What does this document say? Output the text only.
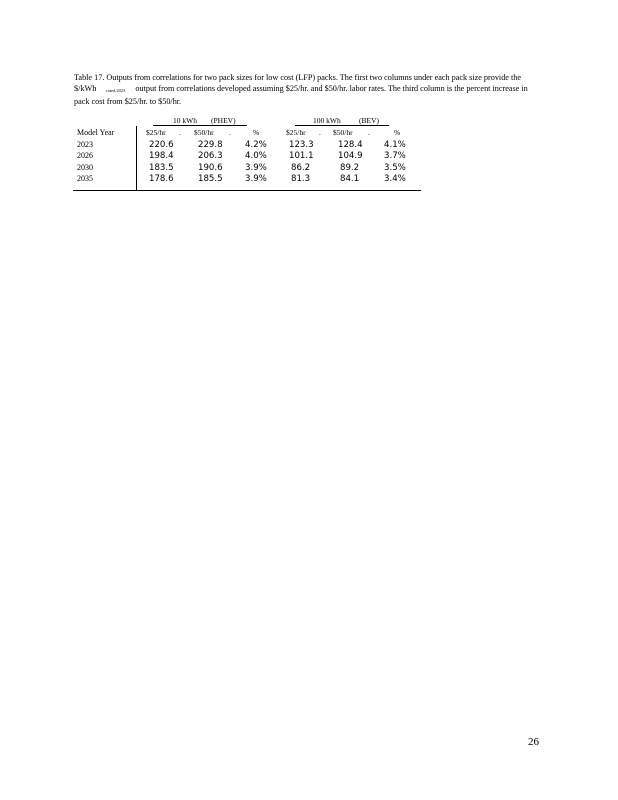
Table 17. Outputs from correlations for two pack sizes for low cost (LFP) packs. The first two columns under each pack size provide the $/kWh $_{rated,2023}$ output from correlations developed assuming $25/hr. and $50/hr. labor rates. The third column is the percent increase in pack cost from $25/hr. to $50/hr.
10 kWh (PHEV)	100 kWh (BEV)
Model Year	$25/hr . $50/hr .	%	$25/hr . $50/hr .	%
2023	220.6	229.8	4.2%	123.3	128.4 4.1%
2026	198.4	206.3	4.0%	101.1	104.9 3.7%
2030	183.5	190.6	3.9%	86.2	89.2	3.5%
2035	178.6	185.5	3.9%	81.3	84.1	3.4%
26
